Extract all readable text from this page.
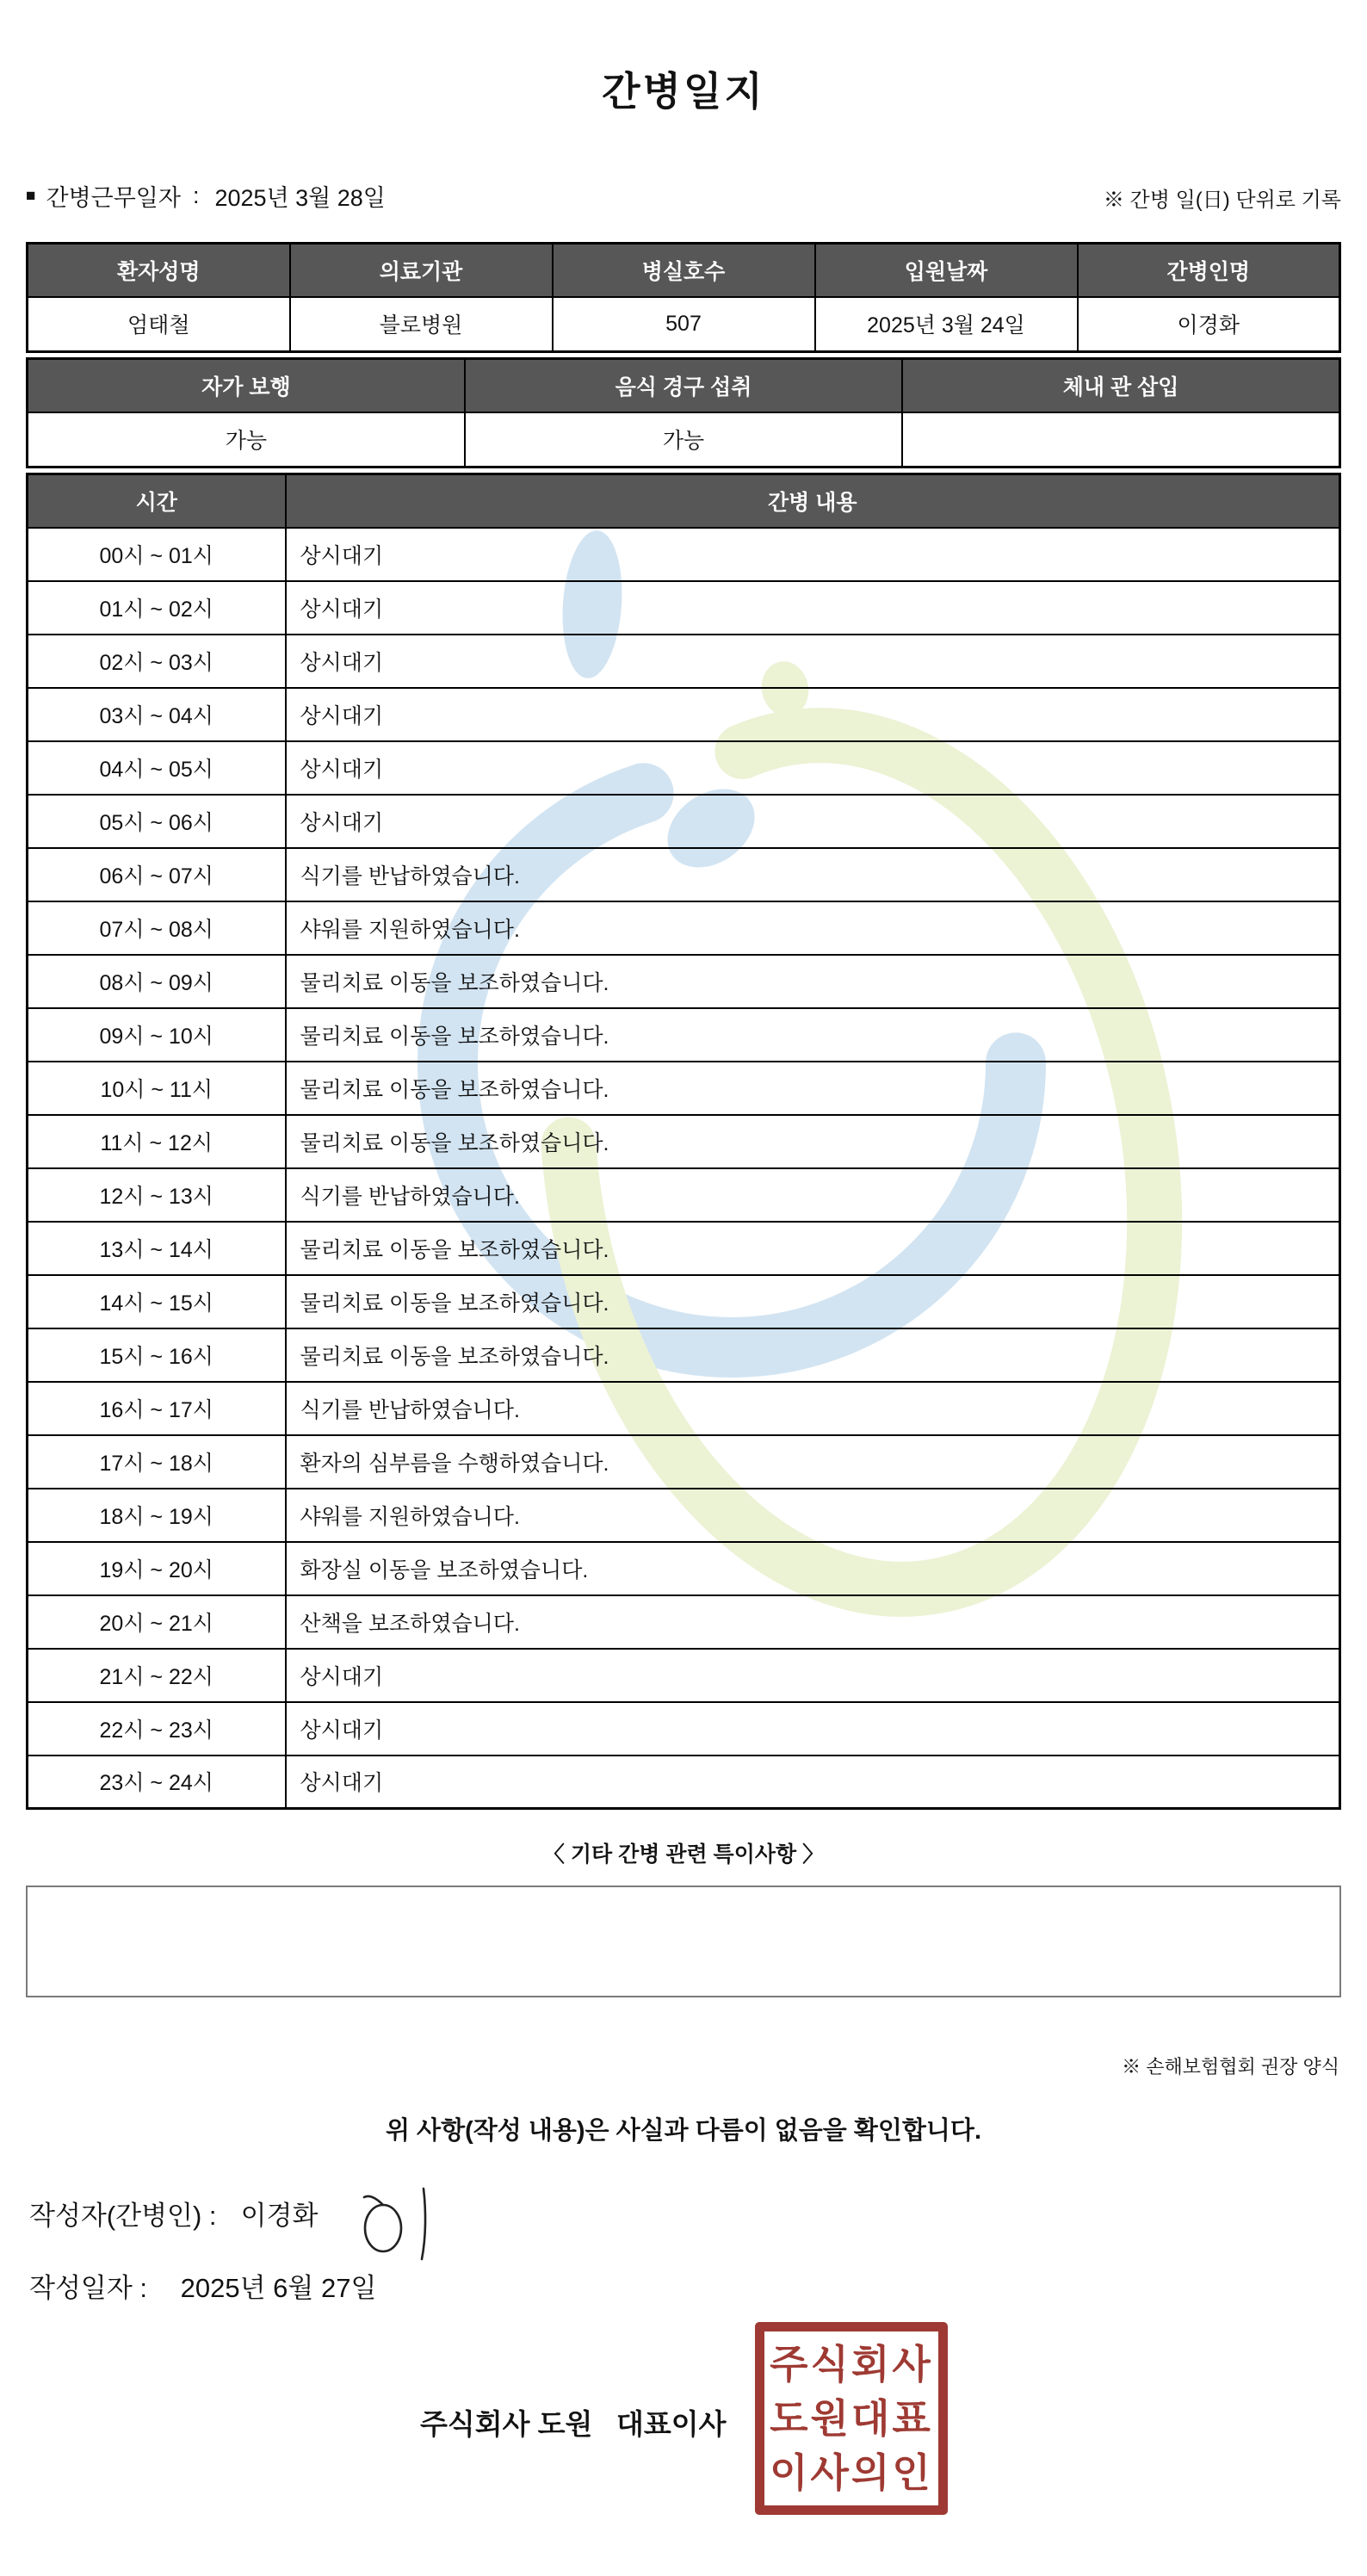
간병일지
■ 간병근무일자 : 2025년 3월 28일	※ 간병 일(日) 단위로 기록
환자성명	의료기관	병실호수	입원날짜	간병인명
엄태철	블로병원	507	2025년 3월 24일	이경화
자가 보행	음식 경구 섭취	체내 관 삽입
가능	가능	
시간	간병 내용
00시 ~ 01시	상시대기
01시 ~ 02시	상시대기
02시 ~ 03시	상시대기
03시 ~ 04시	상시대기
04시 ~ 05시	상시대기
05시 ~ 06시	상시대기
06시 ~ 07시	식기를 반납하였습니다.
07시 ~ 08시	샤워를 지원하였습니다.
08시 ~ 09시	물리치료 이동을 보조하였습니다.
09시 ~ 10시	물리치료 이동을 보조하였습니다.
10시 ~ 11시	물리치료 이동을 보조하였습니다.
11시 ~ 12시	물리치료 이동을 보조하였습니다.
12시 ~ 13시	식기를 반납하였습니다.
13시 ~ 14시	물리치료 이동을 보조하였습니다.
14시 ~ 15시	물리치료 이동을 보조하였습니다.
15시 ~ 16시	물리치료 이동을 보조하였습니다.
16시 ~ 17시	식기를 반납하였습니다.
17시 ~ 18시	환자의 심부름을 수행하였습니다.
18시 ~ 19시	샤워를 지원하였습니다.
19시 ~ 20시	화장실 이동을 보조하였습니다.
20시 ~ 21시	산책을 보조하였습니다.
21시 ~ 22시	상시대기
22시 ~ 23시	상시대기
23시 ~ 24시	상시대기
〈 기타 간병 관련 특이사항 〉
※ 손해보험협회 권장 양식
위 사항(작성 내용)은 사실과 다름이 없음을 확인합니다.
작성자(간병인) : 이경화
작성일자 : 2025년 6월 27일
주식회사 도원   대표이사
주식회사
도원대표
이사의인
